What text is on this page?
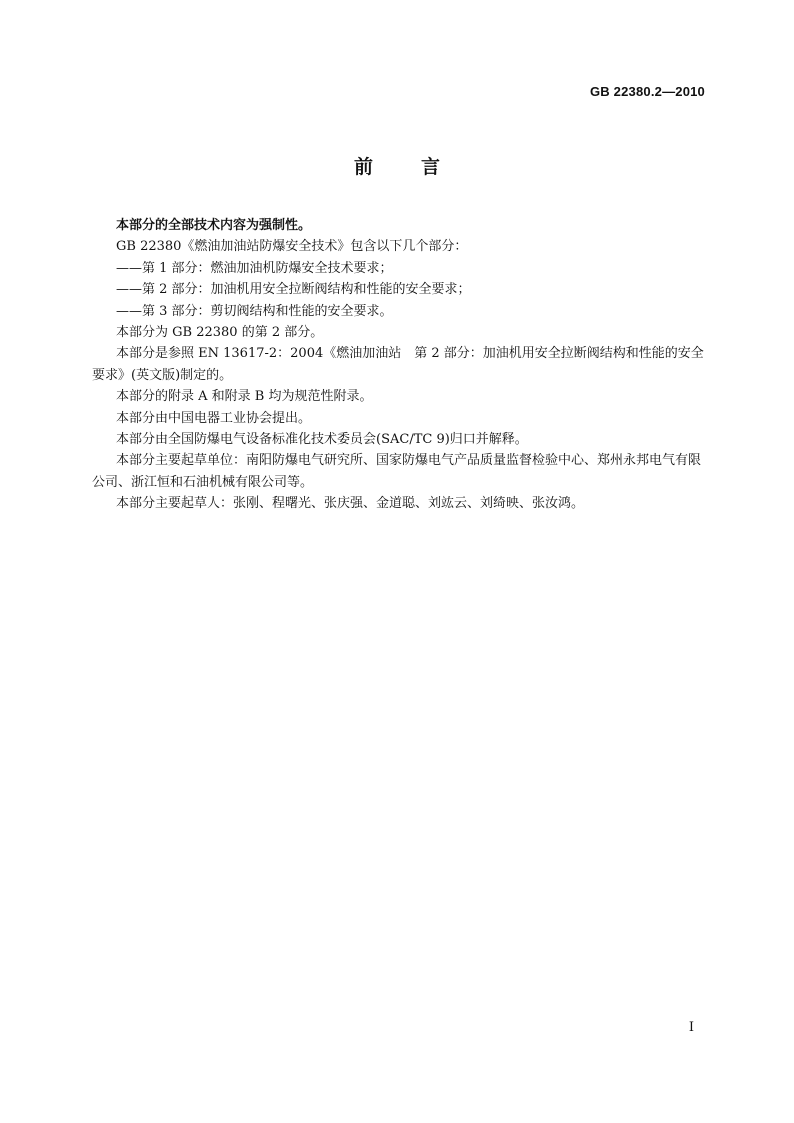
GB 22380.2—2010
前言

本部分的全部技术内容为强制性。

GB 22380《燃油加油站防爆安全技术》包含以下几个部分：

——第 1 部分：燃油加油机防爆安全技术要求；

——第 2 部分：加油机用安全拉断阀结构和性能的安全要求；

——第 3 部分：剪切阀结构和性能的安全要求。

本部分为 GB 22380 的第 2 部分。

本部分是参照 EN 13617-2：2004《燃油加油站　第 2 部分：加油机用安全拉断阀结构和性能的安全要求》(英文版)制定的。

本部分的附录 A 和附录 B 均为规范性附录。

本部分由中国电器工业协会提出。

本部分由全国防爆电气设备标准化技术委员会(SAC/TC 9)归口并解释。

本部分主要起草单位：南阳防爆电气研究所、国家防爆电气产品质量监督检验中心、郑州永邦电气有限公司、浙江恒和石油机械有限公司等。

本部分主要起草人：张刚、程曙光、张庆强、金道聪、刘竑云、刘绮映、张汝鸿。

I
